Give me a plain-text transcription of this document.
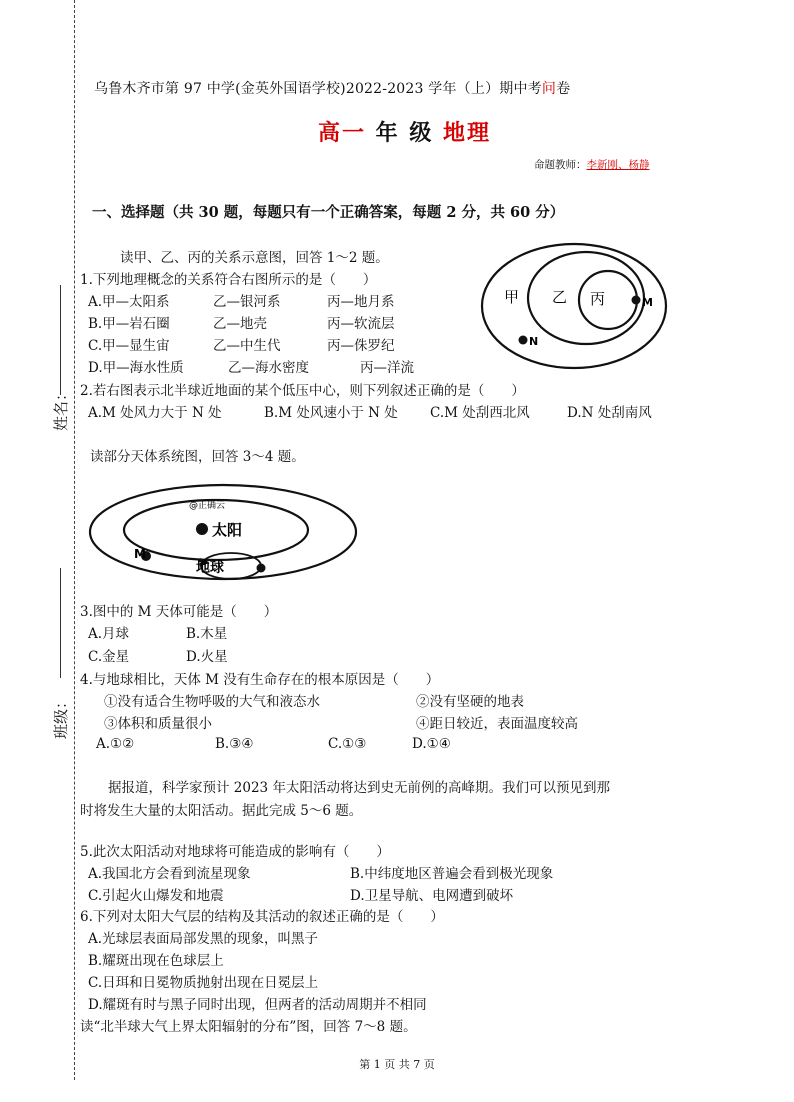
姓名：
班级：
乌鲁木齐市第 97 中学(金英外国语学校)2022-2023 学年（上）期中考问卷
高一 年 级 地理
命题教师：李新刚、杨静
一、选择题（共 30 题，每题只有一个正确答案，每题 2 分，共 60 分）
读甲、乙、丙的关系示意图，回答 1～2 题。
1.下列地理概念的关系符合右图所示的是（　　）
A.甲—太阳系	乙—银河系	丙—地月系
B.甲—岩石圈	乙—地壳	丙—软流层
C.甲—显生宙	乙—中生代	丙—侏罗纪
D.甲—海水性质	乙—海水密度	丙—洋流
甲 乙 丙	M
N
2.若右图表示北半球近地面的某个低压中心，则下列叙述正确的是（　　）
A.M 处风力大于 N 处	B.M 处风速小于 N 处 C.M 处刮西北风	D.N 处刮南风
读部分天体系统图，回答 3～4 题。
@正确云
太阳
M
地球
3.图中的 M 天体可能是（　　）
A.月球	B.木星
C.金星	D.火星
4.与地球相比，天体 M 没有生命存在的根本原因是（　　）
①没有适合生物呼吸的大气和液态水	②没有坚硬的地表
③体积和质量很小	④距日较近，表面温度较高
A.①②	B.③④	C.①③	D.①④
据报道，科学家预计 2023 年太阳活动将达到史无前例的高峰期。我们可以预见到那
时将发生大量的太阳活动。据此完成 5～6 题。
5.此次太阳活动对地球将可能造成的影响有（　　）
A.我国北方会看到流星现象	B.中纬度地区普遍会看到极光现象
C.引起火山爆发和地震	D.卫星导航、电网遭到破坏
6.下列对太阳大气层的结构及其活动的叙述正确的是（　　）
A.光球层表面局部发黑的现象，叫黑子
B.耀斑出现在色球层上
C.日珥和日冕物质抛射出现在日冕层上
D.耀斑有时与黑子同时出现，但两者的活动周期并不相同
读“北半球大气上界太阳辐射的分布”图，回答 7～8 题。
第 1 页 共 7 页
